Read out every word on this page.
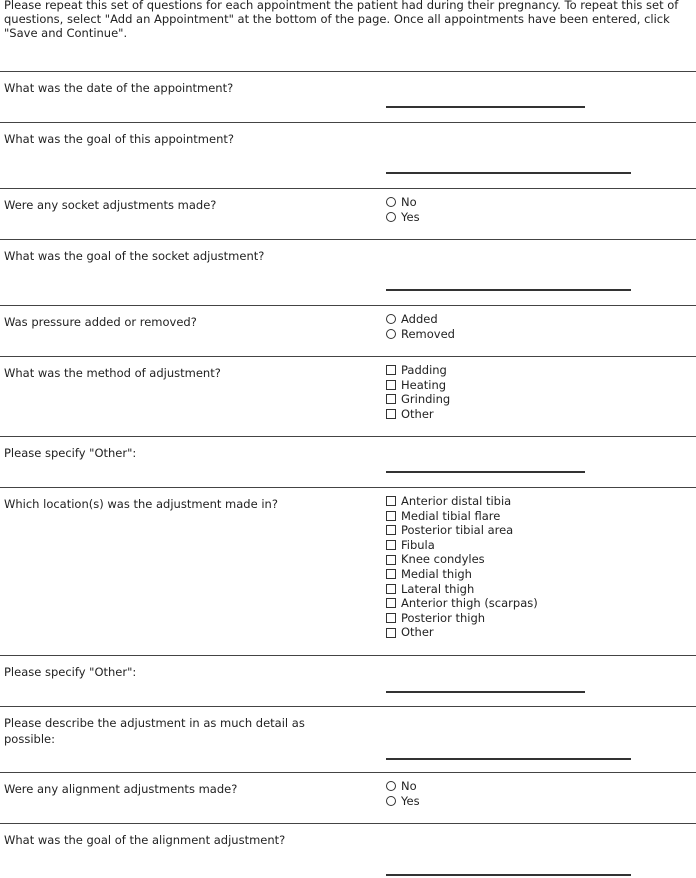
Please repeat this set of questions for each appointment the patient had during their pregnancy. To repeat this set of questions, select "Add an Appointment" at the bottom of the page. Once all appointments have been entered, click "Save and Continue".
What was the date of the appointment?
What was the goal of this appointment?
Were any socket adjustments made?	No
Yes
What was the goal of the socket adjustment?
Was pressure added or removed?	Added
Removed
What was the method of adjustment?	Padding
Heating
Grinding
Other
Please specify "Other":
Which location(s) was the adjustment made in?	Anterior distal tibia
Medial tibial flare
Posterior tibial area
Fibula
Knee condyles
Medial thigh
Lateral thigh
Anterior thigh (scarpas)
Posterior thigh
Other
Please specify "Other":
Please describe the adjustment in as much detail as possible:
Were any alignment adjustments made?	No
Yes
What was the goal of the alignment adjustment?
